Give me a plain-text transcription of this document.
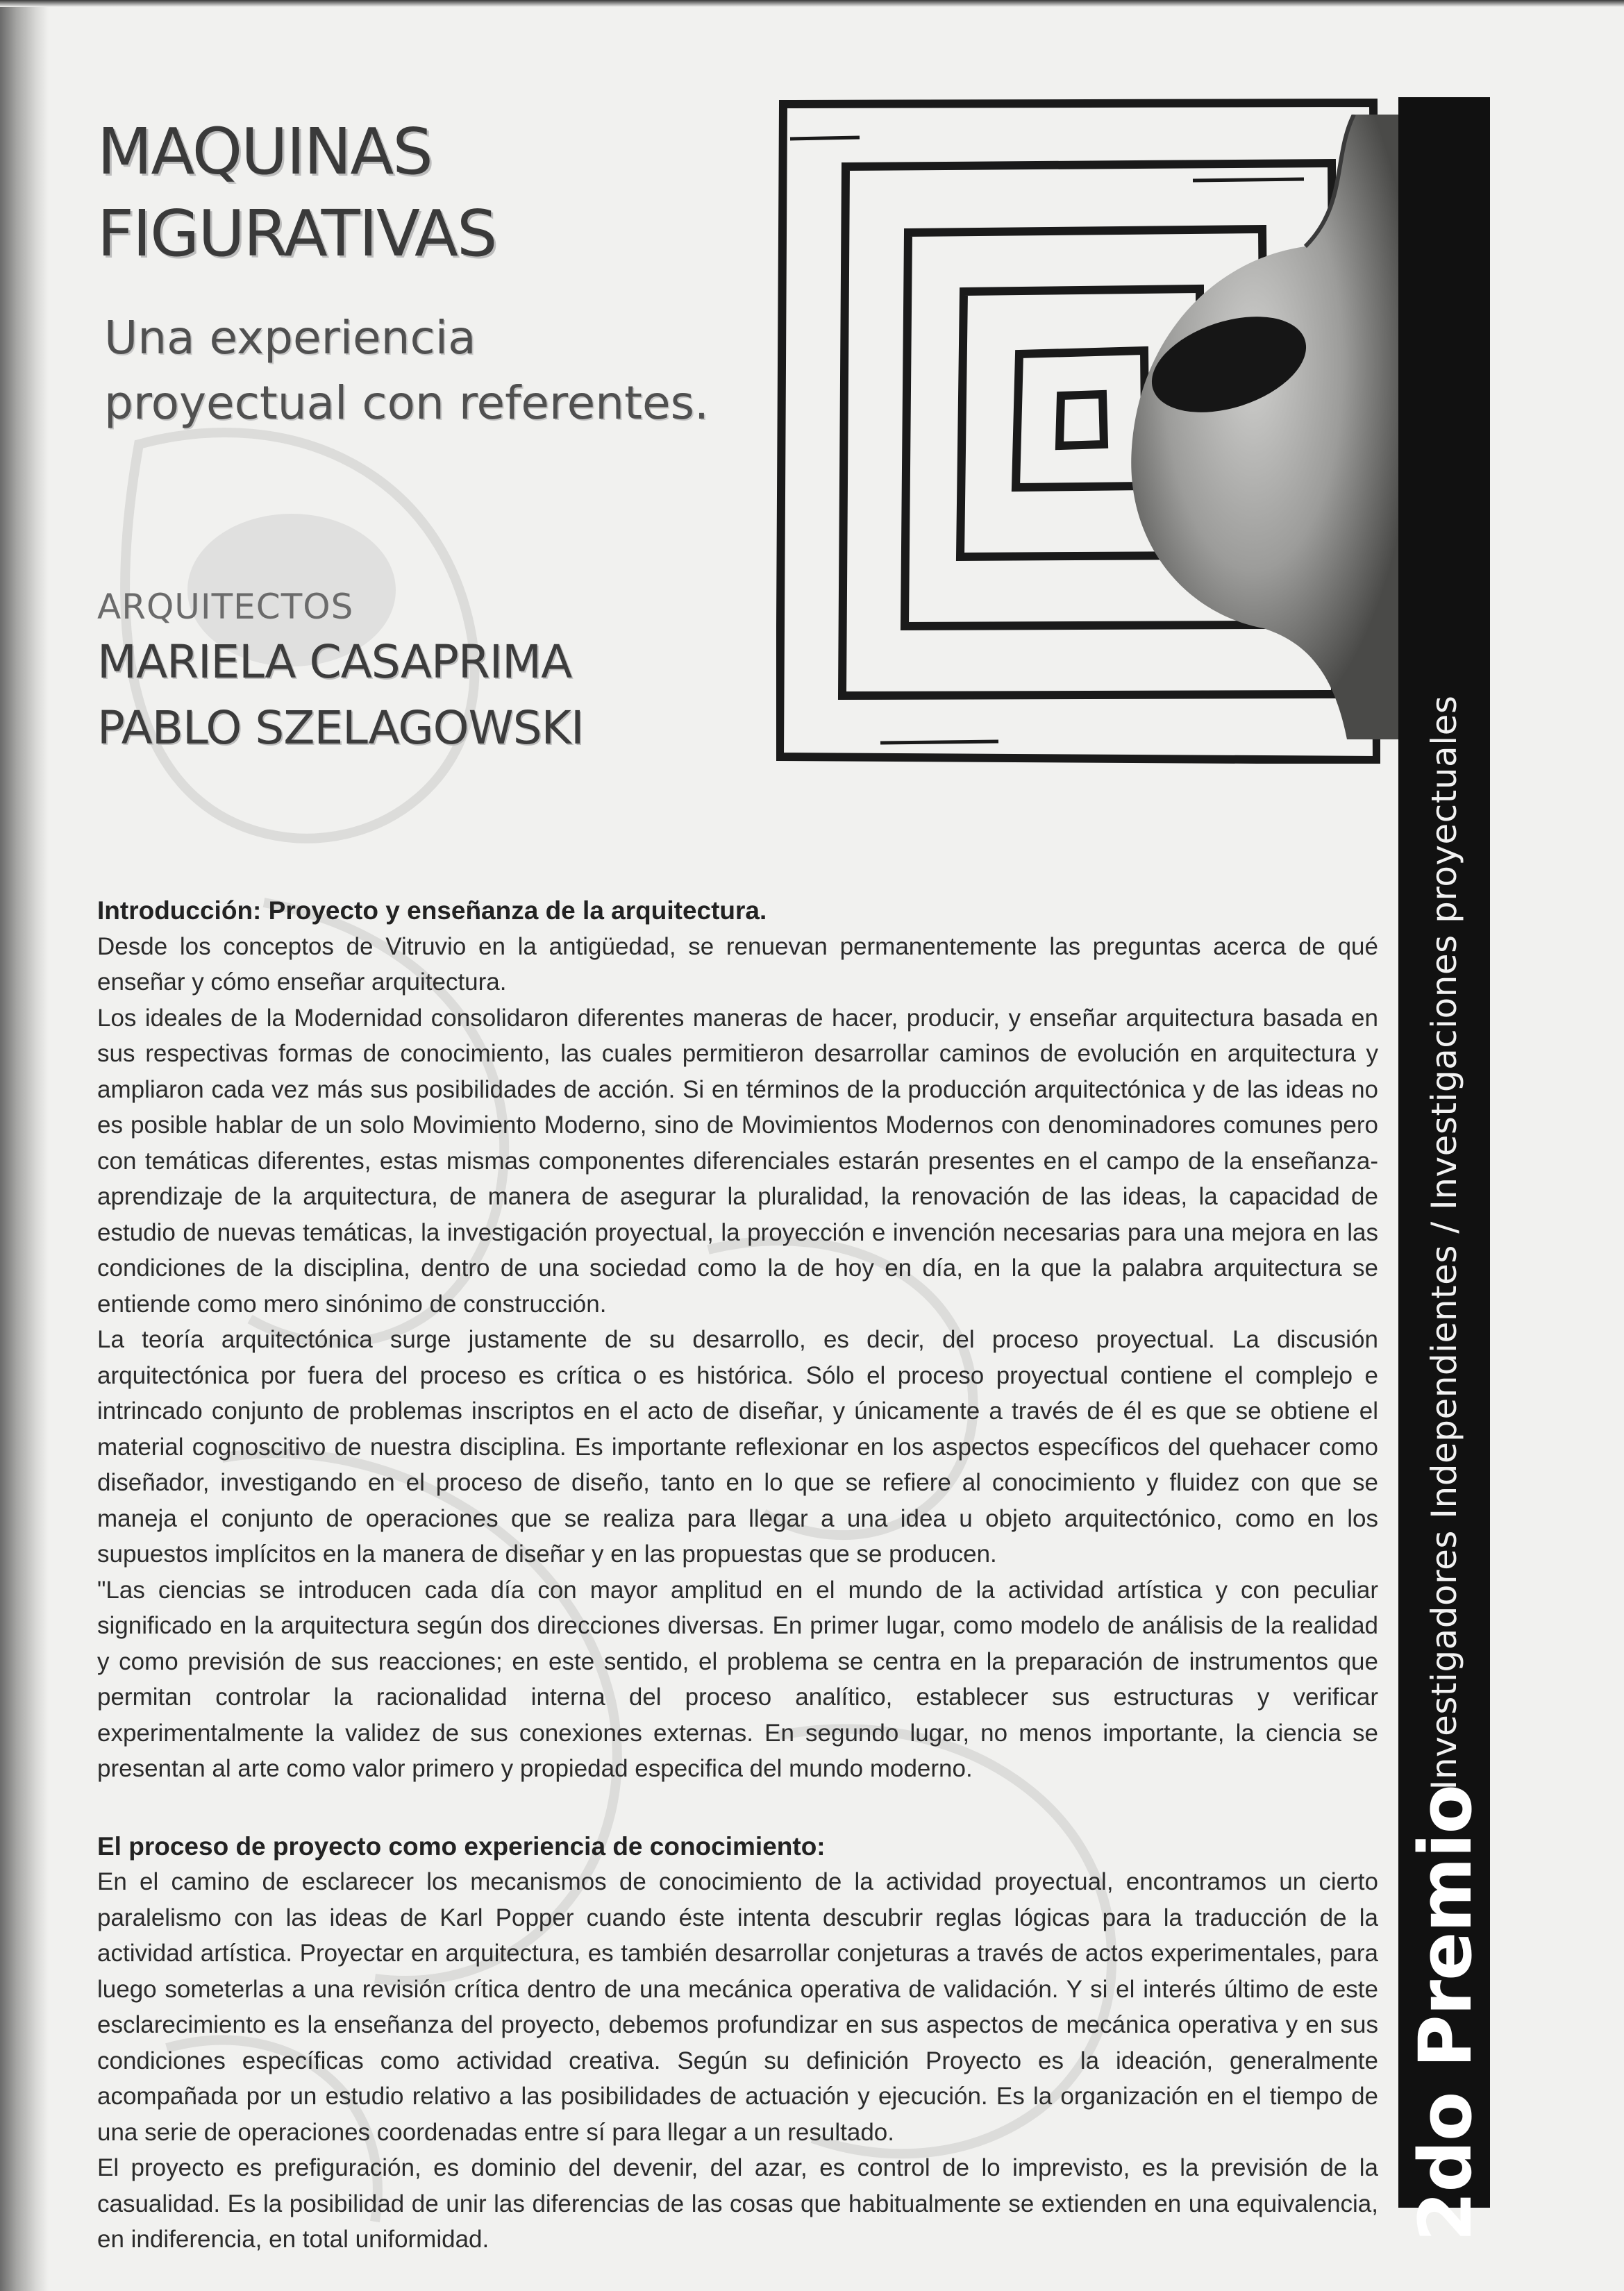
MAQUINAS
FIGURATIVAS
Una experiencia
proyectual con referentes.
ARQUITECTOS
MARIELA CASAPRIMA
PABLO SZELAGOWSKI	Investigadores Independientes / Investigaciones proyectuales
2do Premio
Introducción: Proyecto y enseñanza de la arquitectura.

Desde los conceptos de Vitruvio en la antigüedad, se renuevan permanentemente las preguntas acerca de qué enseñar y cómo enseñar arquitectura.

Los ideales de la Modernidad consolidaron diferentes maneras de hacer, producir, y enseñar arquitectura basada en sus respectivas formas de conocimiento, las cuales permitieron desarrollar caminos de evolución en arquitectura y ampliaron cada vez más sus posibilidades de acción. Si en términos de la producción arquitectónica y de las ideas no es posible hablar de un solo Movimiento Moderno, sino de Movimientos Modernos con denominadores comunes pero con temáticas diferentes, estas mismas componentes diferenciales estarán presentes en el campo de la enseñanza-aprendizaje de la arquitectura, de manera de asegurar la pluralidad, la renovación de las ideas, la capacidad de estudio de nuevas temáticas, la investigación proyectual, la proyección e invención necesarias para una mejora en las condiciones de la disciplina, dentro de una sociedad como la de hoy en día, en la que la palabra arquitectura se entiende como mero sinónimo de construcción.

La teoría arquitectónica surge justamente de su desarrollo, es decir, del proceso proyectual. La discusión arquitectónica por fuera del proceso es crítica o es histórica. Sólo el proceso proyectual contiene el complejo e intrincado conjunto de problemas inscriptos en el acto de diseñar, y únicamente a través de él es que se obtiene el material cognoscitivo de nuestra disciplina. Es importante reflexionar en los aspectos específicos del quehacer como diseñador, investigando en el proceso de diseño, tanto en lo que se refiere al conocimiento y fluidez con que se maneja el conjunto de operaciones que se realiza para llegar a una idea u objeto arquitectónico, como en los supuestos implícitos en la manera de diseñar y en las propuestas que se producen.

"Las ciencias se introducen cada día con mayor amplitud en el mundo de la actividad artística y con peculiar significado en la arquitectura según dos direcciones diversas. En primer lugar, como modelo de análisis de la realidad y como previsión de sus reacciones; en este sentido, el problema se centra en la preparación de instrumentos que permitan controlar la racionalidad interna del proceso analítico, establecer sus estructuras y verificar experimentalmente la validez de sus conexiones externas. En segundo lugar, no menos importante, la ciencia se presentan al arte como valor primero y propiedad especifica del mundo moderno.

El proceso de proyecto como experiencia de conocimiento:

En el camino de esclarecer los mecanismos de conocimiento de la actividad proyectual, encontramos un cierto paralelismo con las ideas de Karl Popper cuando éste intenta descubrir reglas lógicas para la traducción de la actividad artística. Proyectar en arquitectura, es también desarrollar conjeturas a través de actos experimentales, para luego someterlas a una revisión crítica dentro de una mecánica operativa de validación. Y si el interés último de este esclarecimiento es la enseñanza del proyecto, debemos profundizar en sus aspectos de mecánica operativa y en sus condiciones específicas como actividad creativa. Según su definición Proyecto es la ideación, generalmente acompañada por un estudio relativo a las posibilidades de actuación y ejecución. Es la organización en el tiempo de una serie de operaciones coordenadas entre sí para llegar a un resultado.

El proyecto es prefiguración, es dominio del devenir, del azar, es control de lo imprevisto, es la previsión de la casualidad. Es la posibilidad de unir las diferencias de las cosas que habitualmente se extienden en una equivalencia, en indiferencia, en total uniformidad.
